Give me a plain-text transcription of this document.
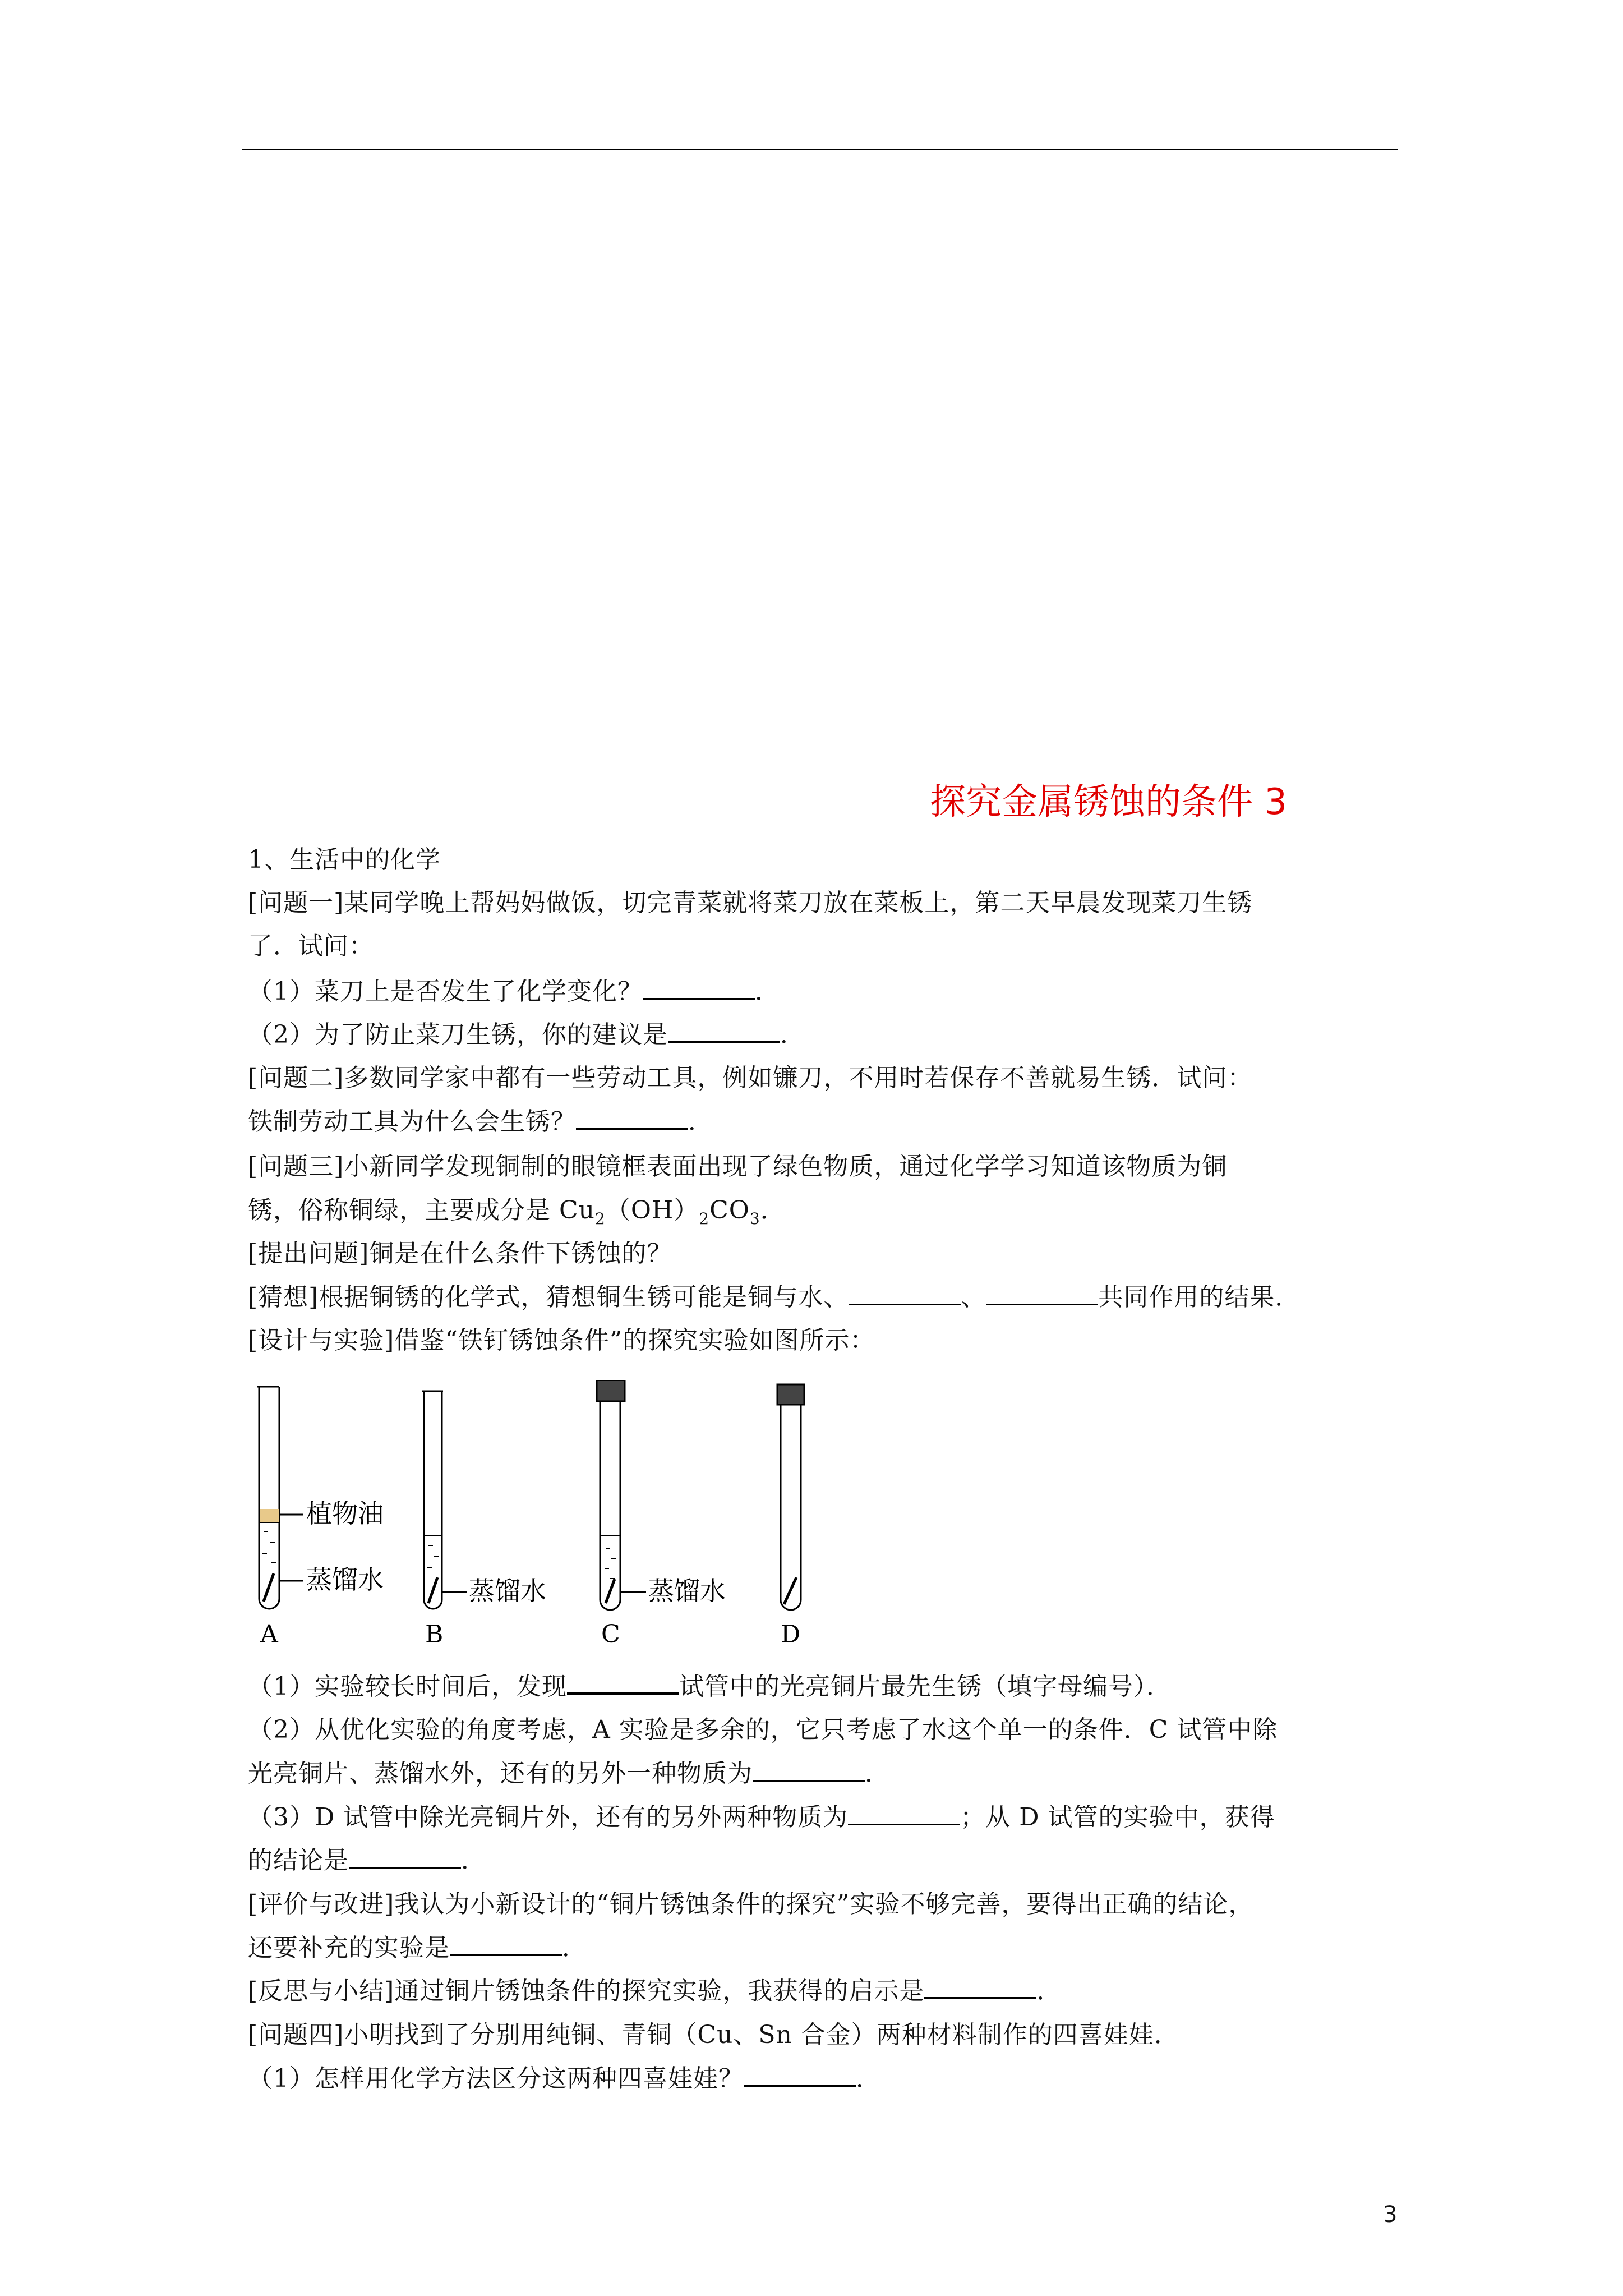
探究金属锈蚀的条件 3
1、生活中的化学
[问题一]某同学晚上帮妈妈做饭，切完青菜就将菜刀放在菜板上，第二天早晨发现菜刀生锈
了．试问：
（1）菜刀上是否发生了化学变化？	．
（2）为了防止菜刀生锈，你的建议是	．
[问题二]多数同学家中都有一些劳动工具，例如镰刀，不用时若保存不善就易生锈．试问：
铁制劳动工具为什么会生锈？	．
[问题三]小新同学发现铜制的眼镜框表面出现了绿色物质，通过化学学习知道该物质为铜
锈，俗称铜绿，主要成分是 $Cu_2(OH)_2CO_3$．
[提出问题]铜是在什么条件下锈蚀的？
[猜想]根据铜锈的化学式，猜想铜生锈可能是铜与水、	、	共同作用的结果．
[设计与实验]借鉴“铁钉锈蚀条件”的探究实验如图所示：
植物油
蒸馏水	蒸馏水	蒸馏水
A	B	C	D
（1）实验较长时间后，发现	试管中的光亮铜片最先生锈（填字母编号）．
（2）从优化实验的角度考虑，A 实验是多余的，它只考虑了水这个单一的条件．C 试管中除
光亮铜片、蒸馏水外，还有的另外一种物质为	．
（3）D 试管中除光亮铜片外，还有的另外两种物质为	；从 D 试管的实验中，获得
的结论是	．
[评价与改进]我认为小新设计的“铜片锈蚀条件的探究”实验不够完善，要得出正确的结论，
还要补充的实验是	．
[反思与小结]通过铜片锈蚀条件的探究实验，我获得的启示是	．
[问题四]小明找到了分别用纯铜、青铜（Cu、Sn 合金）两种材料制作的四喜娃娃．
（1）怎样用化学方法区分这两种四喜娃娃？	．
3
